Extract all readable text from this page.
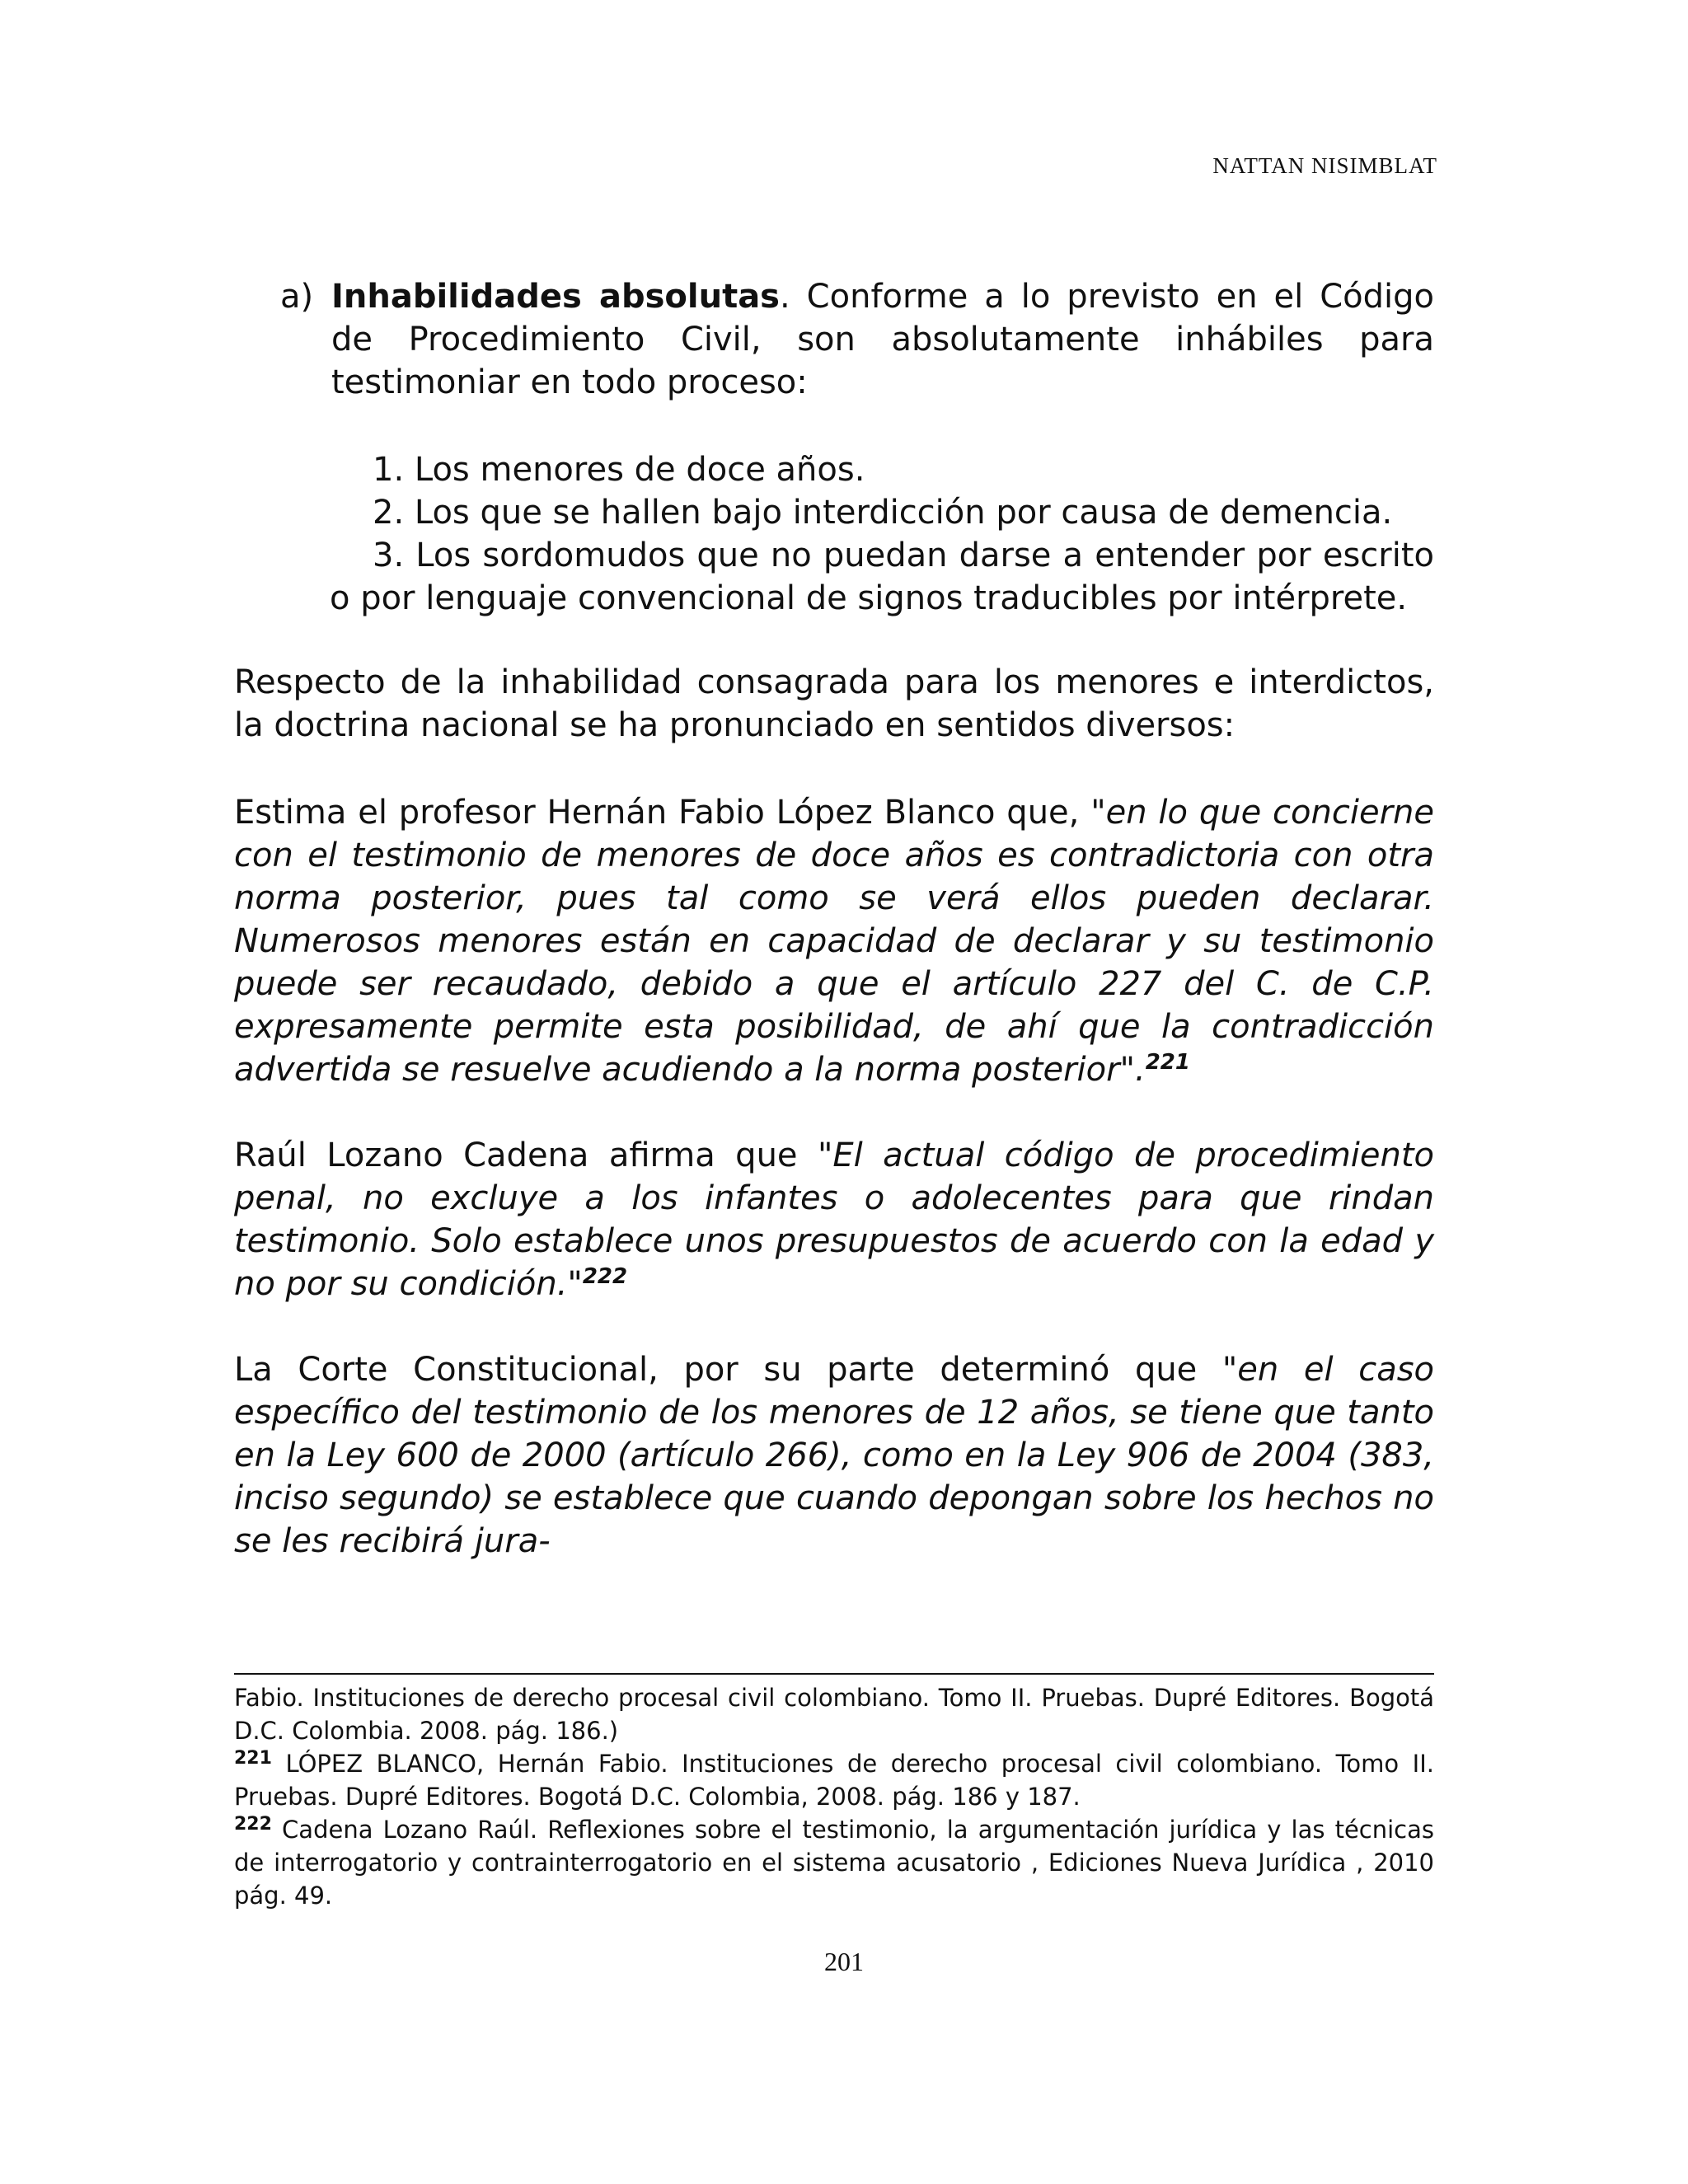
NATTAN NISIMBLAT
a) Inhabilidades absolutas. Conforme a lo previsto en el Código de Procedimiento Civil, son absolutamente inhábiles para testimoniar en todo proceso:
1. Los menores de doce años.
2. Los que se hallen bajo interdicción por causa de demencia.
3. Los sordomudos que no puedan darse a entender por escrito o por lenguaje convencional de signos traducibles por intérprete.
Respecto de la inhabilidad consagrada para los menores e interdictos, la doctrina nacional se ha pronunciado en sentidos diversos:
Estima el profesor Hernán Fabio López Blanco que, "en lo que concierne con el testimonio de menores de doce años es contradictoria con otra norma posterior, pues tal como se verá ellos pueden declarar. Numerosos menores están en capacidad de declarar y su testimonio puede ser recaudado, debido a que el artículo 227 del C. de C.P. expresamente permite esta posibilidad, de ahí que la contradicción advertida se resuelve acudiendo a la norma posterior".$^{221}$
Raúl Lozano Cadena afirma que "El actual código de procedimiento penal, no excluye a los infantes o adolecentes para que rindan testimonio. Solo establece unos presupuestos de acuerdo con la edad y no por su condición."$^{222}$
La Corte Constitucional, por su parte determinó que "en el caso específico del testimonio de los menores de 12 años, se tiene que tanto en la Ley 600 de 2000 (artículo 266), como en la Ley 906 de 2004 (383, inciso segundo) se establece que cuando depongan sobre los hechos no se les recibirá jura-
Fabio. Instituciones de derecho procesal civil colombiano. Tomo II. Pruebas. Dupré Editores. Bogotá D.C. Colombia. 2008. pág. 186.)
$^{221}$ LÓPEZ BLANCO, Hernán Fabio. Instituciones de derecho procesal civil colombiano. Tomo II. Pruebas. Dupré Editores. Bogotá D.C. Colombia, 2008. pág. 186 y 187.
$^{222}$ Cadena Lozano Raúl. Reflexiones sobre el testimonio, la argumentación jurídica y las técnicas de interrogatorio y contrainterrogatorio en el sistema acusatorio , Ediciones Nueva Jurídica , 2010 pág. 49.
201
